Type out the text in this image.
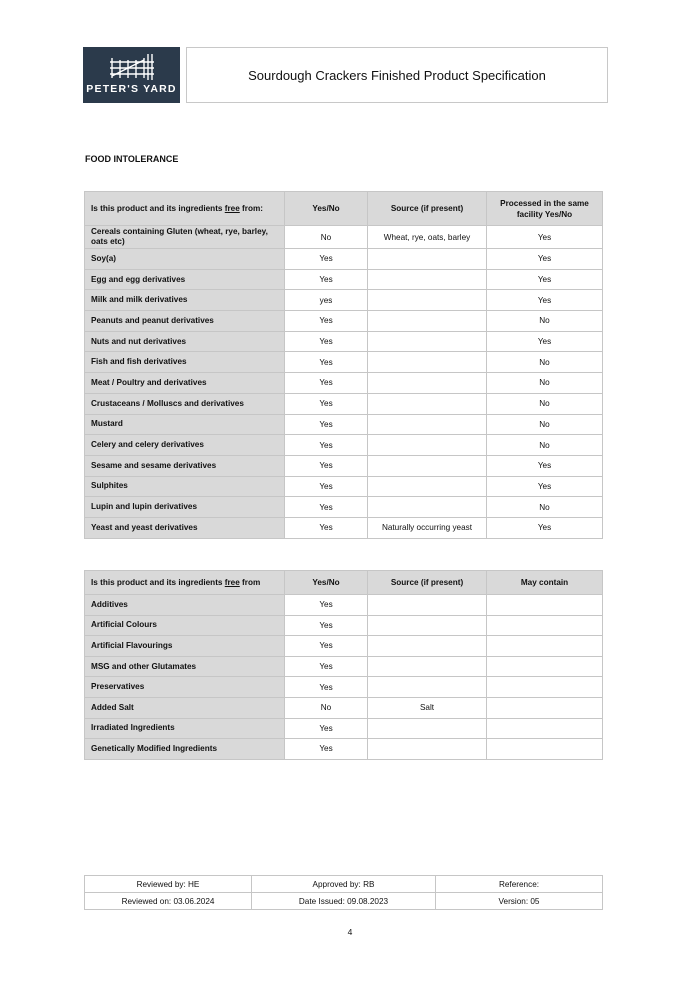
PETER'S YARD
Sourdough Crackers Finished Product Specification
FOOD INTOLERANCE
Is this product and its ingredients free from:	Yes/No	Source (if present)	Processed in the same facility Yes/No
Cereals containing Gluten (wheat, rye, barley, oats etc)	No	Wheat, rye, oats, barley	Yes
Soy(a)	Yes		Yes
Egg and egg derivatives	Yes		Yes
Milk and milk derivatives	yes		Yes
Peanuts and peanut derivatives	Yes		No
Nuts and nut derivatives	Yes		Yes
Fish and fish derivatives	Yes		No
Meat / Poultry and derivatives	Yes		No
Crustaceans / Molluscs and derivatives	Yes		No
Mustard	Yes		No
Celery and celery derivatives	Yes		No
Sesame and sesame derivatives	Yes		Yes
Sulphites	Yes		Yes
Lupin and lupin derivatives	Yes		No
Yeast and yeast derivatives	Yes	Naturally occurring yeast	Yes
Is this product and its ingredients free from	Yes/No	Source (if present)	May contain
Additives	Yes		
Artificial Colours	Yes		
Artificial Flavourings	Yes		
MSG and other Glutamates	Yes		
Preservatives	Yes		
Added Salt	No	Salt	
Irradiated Ingredients	Yes		
Genetically Modified Ingredients	Yes		
Reviewed by: HE	Approved by: RB	Reference:
Reviewed on: 03.06.2024	Date Issued: 09.08.2023	Version: 05
4
